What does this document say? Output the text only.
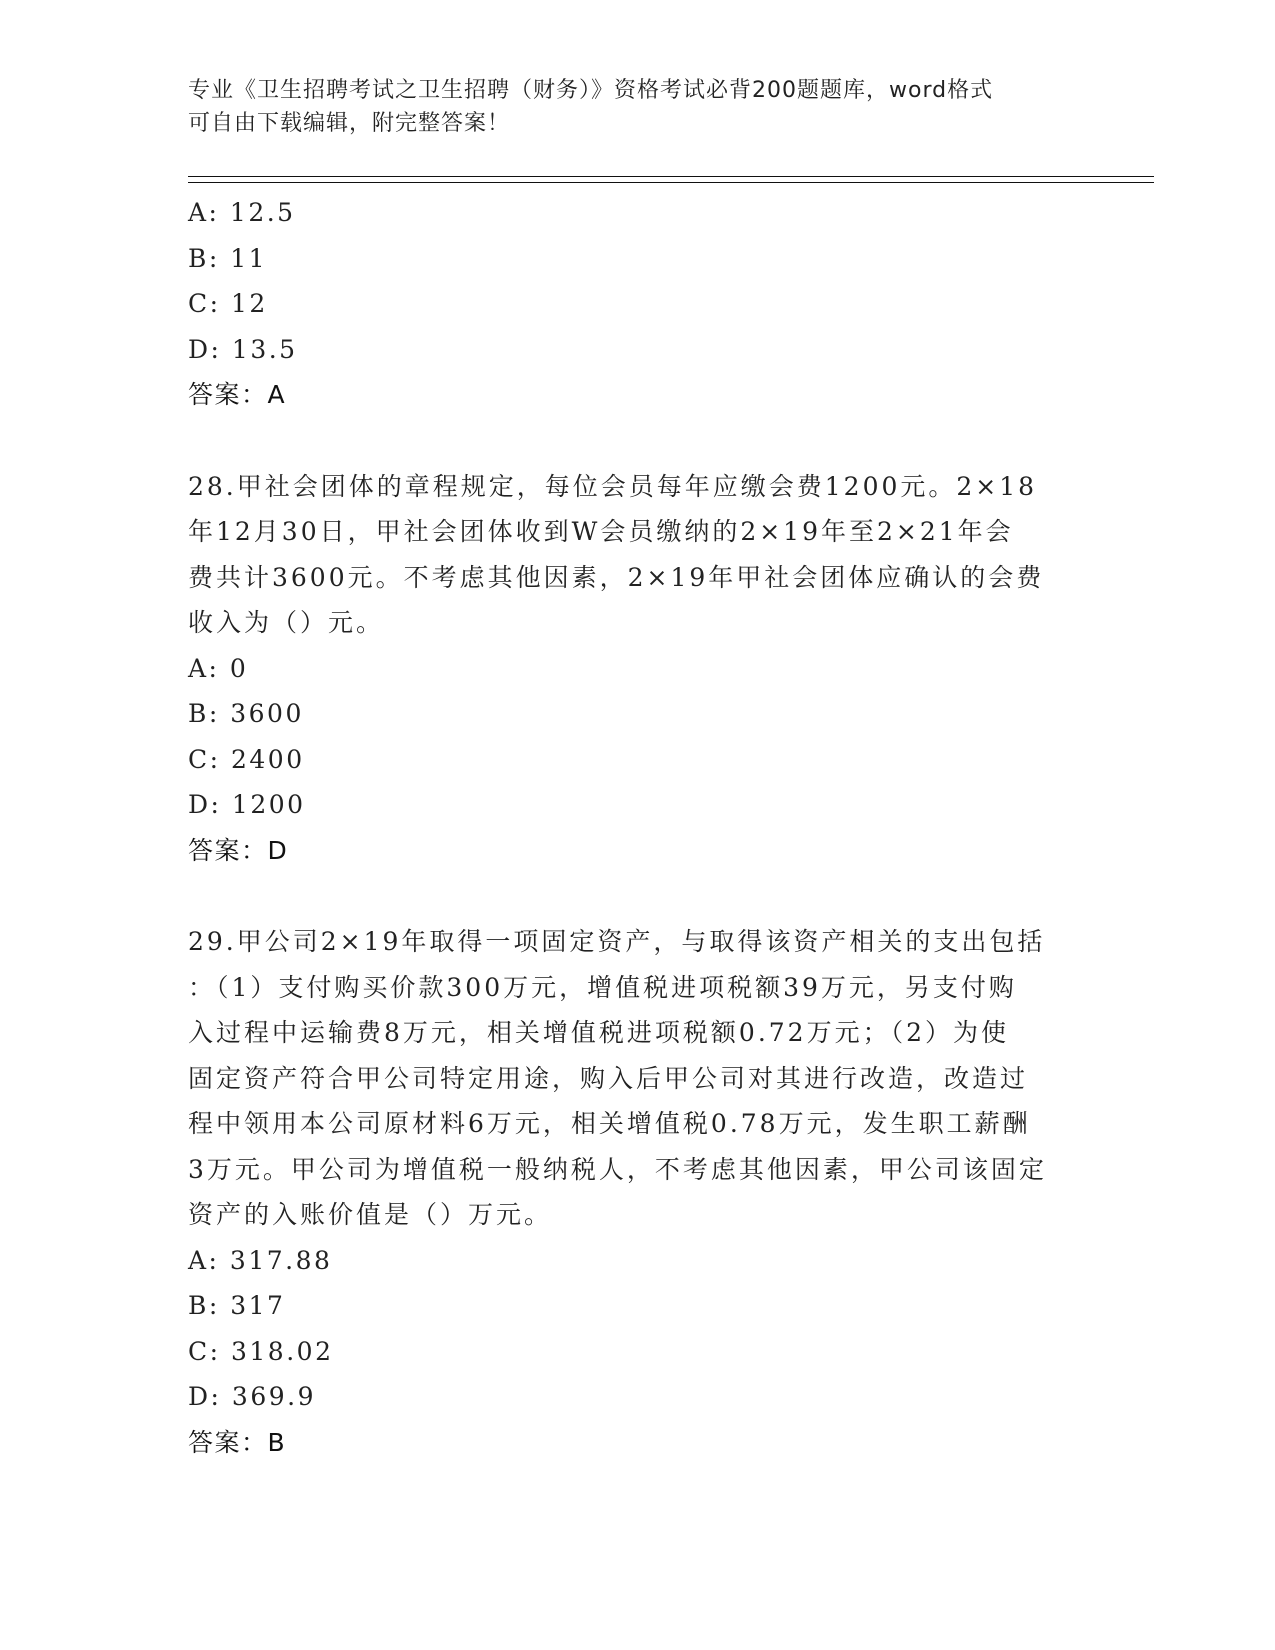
专业《卫生招聘考试之卫生招聘（财务）》资格考试必背200题题库，word格式
可自由下载编辑，附完整答案！
A: 12.5
B: 11
C: 12
D: 13.5
答案：A
28.甲社会团体的章程规定，每位会员每年应缴会费1200元。2×18
年12月30日，甲社会团体收到W会员缴纳的2×19年至2×21年会
费共计3600元。不考虑其他因素，2×19年甲社会团体应确认的会费
收入为（）元。
A: 0
B: 3600
C: 2400
D: 1200
答案：D
29.甲公司2×19年取得一项固定资产，与取得该资产相关的支出包括
：（1）支付购买价款300万元，增值税进项税额39万元，另支付购
入过程中运输费8万元，相关增值税进项税额0.72万元；（2）为使
固定资产符合甲公司特定用途，购入后甲公司对其进行改造，改造过
程中领用本公司原材料6万元，相关增值税0.78万元，发生职工薪酬
3万元。甲公司为增值税一般纳税人，不考虑其他因素，甲公司该固定
资产的入账价值是（）万元。
A: 317.88
B: 317
C: 318.02
D: 369.9
答案：B
